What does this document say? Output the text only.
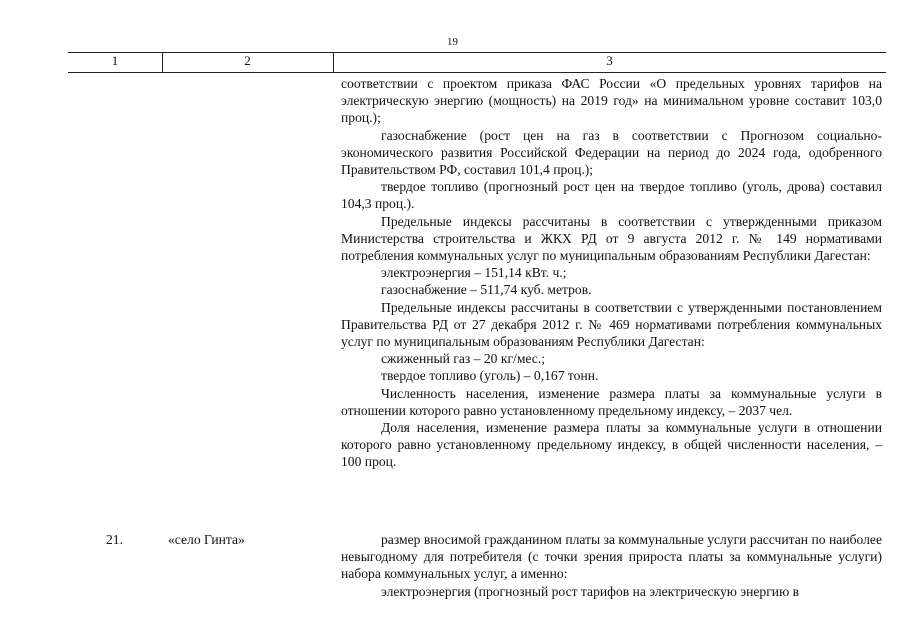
19
1	2	3

соответствии с проектом приказа ФАС России «О предельных уровнях тарифов на электрическую энергию (мощность) на 2019 год» на минимальном уровне составит 103,0 проц.);

газоснабжение (рост цен на газ в соответствии с Прогнозом социально-экономического развития Российской Федерации на период до 2024 года, одобренного Правительством РФ, составил 101,4 проц.);

твердое топливо (прогнозный рост цен на твердое топливо (уголь, дрова) составил 104,3 проц.).

Предельные индексы рассчитаны в соответствии с утвержденными приказом Министерства строительства и ЖКХ РД от 9 августа 2012 г. № 149 нормативами потребления коммунальных услуг по муниципальным образованиям Республики Дагестан:

электроэнергия – 151,14 кВт. ч.;

газоснабжение – 511,74 куб. метров.

Предельные индексы рассчитаны в соответствии с утвержденными постановлением Правительства РД от 27 декабря 2012 г. № 469 нормативами потребления коммунальных услуг по муниципальным образованиям Республики Дагестан:

сжиженный газ – 20 кг/мес.;

твердое топливо (уголь) – 0,167 тонн.

Численность населения, изменение размера платы за коммунальные услуги в отношении которого равно установленному предельному индексу, – 2037 чел.

Доля населения, изменение размера платы за коммунальные услуги в отношении которого равно установленному предельному индексу, в общей численности населения, – 100 проц.

21.	«село Гинта»	размер вносимой гражданином платы за коммунальные услуги рассчитан по наиболее невыгодному для потребителя (с точки зрения прироста платы за коммунальные услуги) набора коммунальных услуг, а именно:

электроэнергия (прогнозный рост тарифов на электрическую энергию в
